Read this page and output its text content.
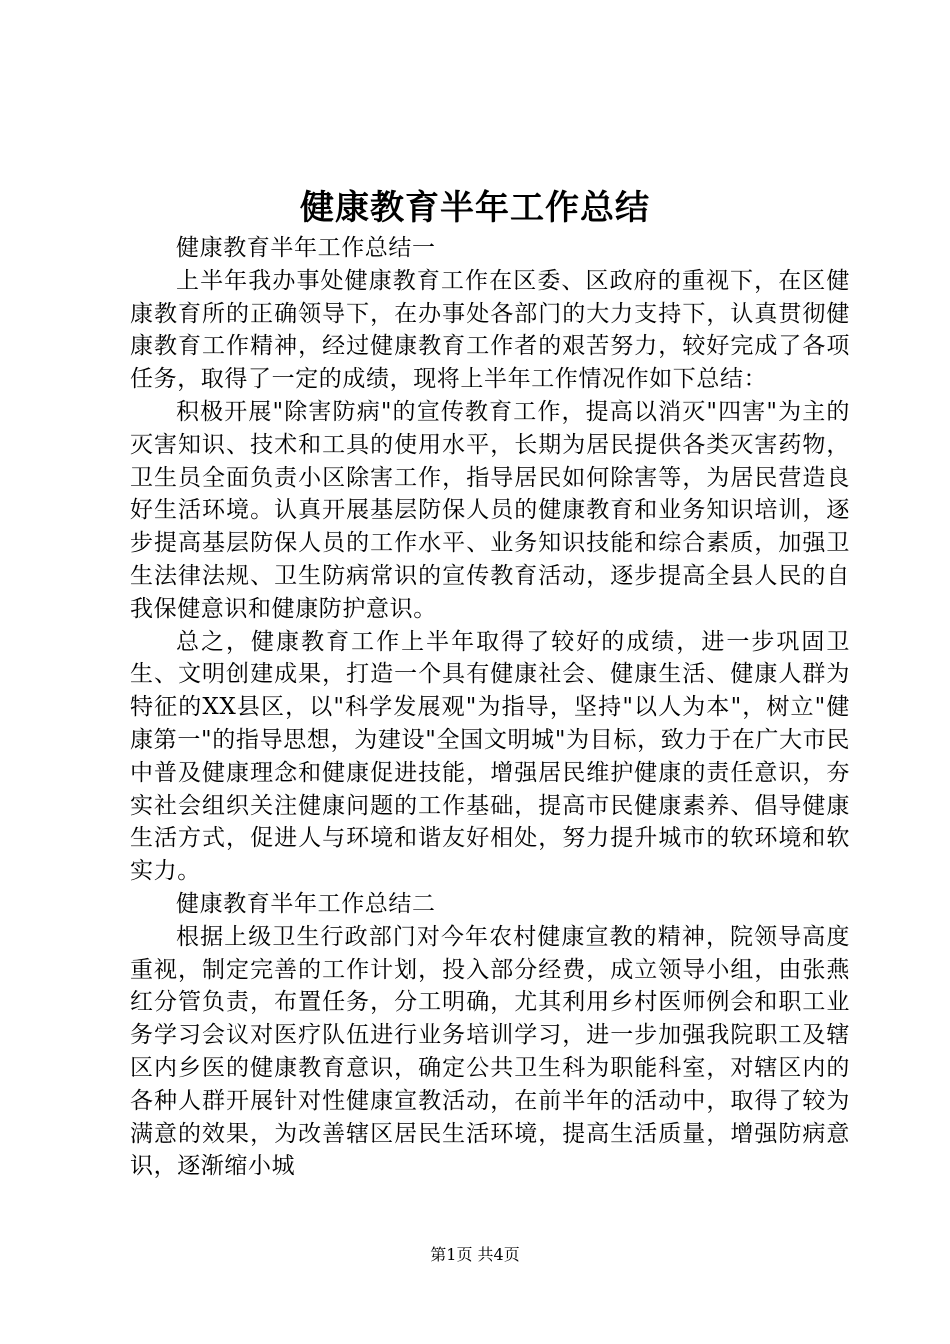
健康教育半年工作总结

健康教育半年工作总结一

上半年我办事处健康教育工作在区委、区政府的重视下，在区健康教育所的正确领导下，在办事处各部门的大力支持下，认真贯彻健康教育工作精神，经过健康教育工作者的艰苦努力，较好完成了各项任务，取得了一定的成绩，现将上半年工作情况作如下总结：

积极开展"除害防病"的宣传教育工作，提高以消灭"四害"为主的灭害知识、技术和工具的使用水平，长期为居民提供各类灭害药物，卫生员全面负责小区除害工作，指导居民如何除害等，为居民营造良好生活环境。认真开展基层防保人员的健康教育和业务知识培训，逐步提高基层防保人员的工作水平、业务知识技能和综合素质，加强卫生法律法规、卫生防病常识的宣传教育活动，逐步提高全县人民的自我保健意识和健康防护意识。

总之，健康教育工作上半年取得了较好的成绩，进一步巩固卫生、文明创建成果，打造一个具有健康社会、健康生活、健康人群为特征的XX县区，以"科学发展观"为指导，坚持"以人为本"，树立"健康第一"的指导思想，为建设"全国文明城"为目标，致力于在广大市民中普及健康理念和健康促进技能，增强居民维护健康的责任意识，夯实社会组织关注健康问题的工作基础，提高市民健康素养、倡导健康生活方式，促进人与环境和谐友好相处，努力提升城市的软环境和软实力。

健康教育半年工作总结二

根据上级卫生行政部门对今年农村健康宣教的精神，院领导高度重视，制定完善的工作计划，投入部分经费，成立领导小组，由张燕红分管负责，布置任务，分工明确，尤其利用乡村医师例会和职工业务学习会议对医疗队伍进行业务培训学习，进一步加强我院职工及辖区内乡医的健康教育意识，确定公共卫生科为职能科室，对辖区内的各种人群开展针对性健康宣教活动，在前半年的活动中，取得了较为满意的效果，为改善辖区居民生活环境，提高生活质量，增强防病意识，逐渐缩小城

第1页 共4页
